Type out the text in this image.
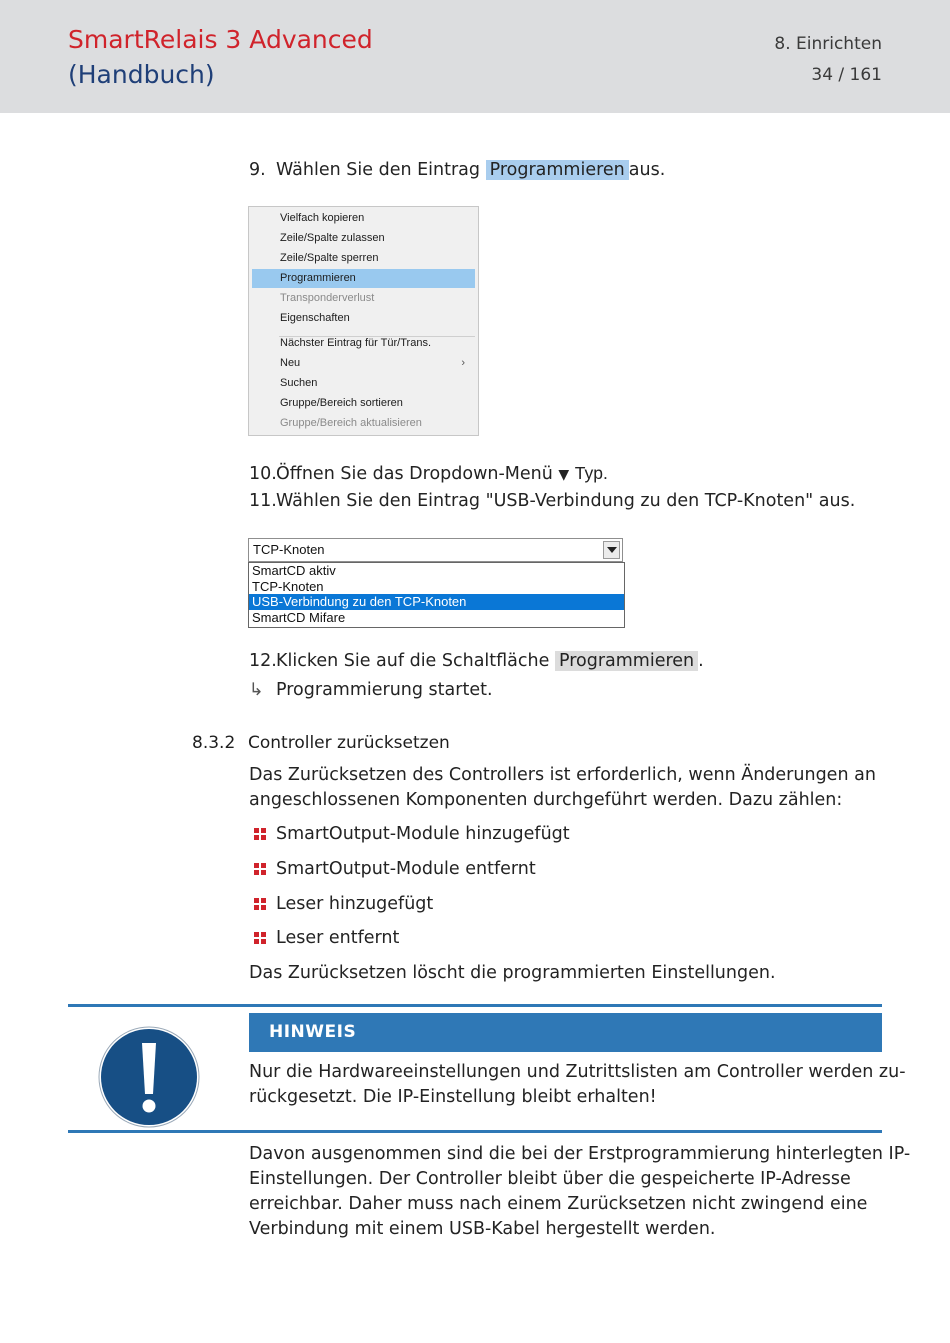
SmartRelais 3 Advanced
(Handbuch)
8. Einrichten
34 / 161
9. Wählen Sie den Eintrag Programmieren aus.
Vielfach kopieren
Zeile/Spalte zulassen
Zeile/Spalte sperren
Programmieren
Transponderverlust
Eigenschaften
Nächster Eintrag für Tür/Trans.
Neu	›
Suchen
Gruppe/Bereich sortieren
Gruppe/Bereich aktualisieren
10.Öffnen Sie das Dropdown-Menü ▼ Typ.
11.Wählen Sie den Eintrag "USB-Verbindung zu den TCP-Knoten" aus.
TCP-Knoten
SmartCD aktiv
TCP-Knoten
USB-Verbindung zu den TCP-Knoten
SmartCD Mifare
12.Klicken Sie auf die Schaltfläche Programmieren .
↳ Programmierung startet.
8.3.2 Controller zurücksetzen
Das Zurücksetzen des Controllers ist erforderlich, wenn Änderungen an
angeschlossenen Komponenten durchgeführt werden. Dazu zählen:
SmartOutput-Module hinzugefügt
SmartOutput-Module entfernt
Leser hinzugefügt
Leser entfernt
Das Zurücksetzen löscht die programmierten Einstellungen.
HINWEIS
Nur die Hardwareeinstellungen und Zutrittslisten am Controller werden zu-
rückgesetzt. Die IP-Einstellung bleibt erhalten!
Davon ausgenommen sind die bei der Erstprogrammierung hinterlegten IP-
Einstellungen. Der Controller bleibt über die gespeicherte IP-Adresse
erreichbar. Daher muss nach einem Zurücksetzen nicht zwingend eine
Verbindung mit einem USB-Kabel hergestellt werden.
